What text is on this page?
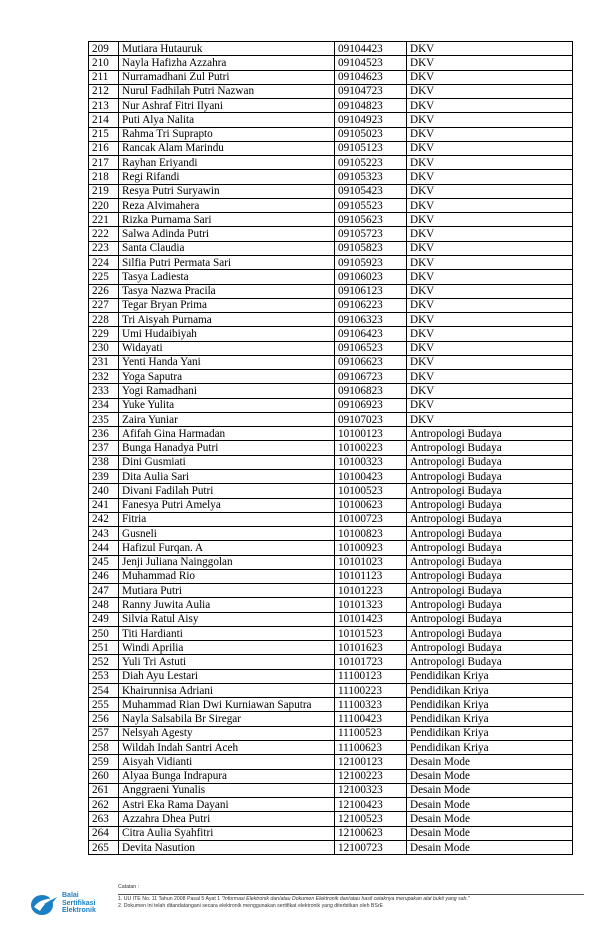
209	Mutiara Hutauruk	09104423	DKV
210	Nayla Hafizha Azzahra	09104523	DKV
211	Nurramadhani Zul Putri	09104623	DKV
212	Nurul Fadhilah Putri Nazwan	09104723	DKV
213	Nur Ashraf Fitri Ilyani	09104823	DKV
214	Puti Alya Nalita	09104923	DKV
215	Rahma Tri Suprapto	09105023	DKV
216	Rancak Alam Marindu	09105123	DKV
217	Rayhan Eriyandi	09105223	DKV
218	Regi Rifandi	09105323	DKV
219	Resya Putri Suryawin	09105423	DKV
220	Reza Alvimahera	09105523	DKV
221	Rizka Purnama Sari	09105623	DKV
222	Salwa Adinda Putri	09105723	DKV
223	Santa Claudia	09105823	DKV
224	Silfia Putri Permata Sari	09105923	DKV
225	Tasya Ladiesta	09106023	DKV
226	Tasya Nazwa Pracila	09106123	DKV
227	Tegar Bryan Prima	09106223	DKV
228	Tri Aisyah Purnama	09106323	DKV
229	Umi Hudaibiyah	09106423	DKV
230	Widayati	09106523	DKV
231	Yenti Handa Yani	09106623	DKV
232	Yoga Saputra	09106723	DKV
233	Yogi Ramadhani	09106823	DKV
234	Yuke Yulita	09106923	DKV
235	Zaira Yuniar	09107023	DKV
236	Afifah Gina Harmadan	10100123	Antropologi Budaya
237	Bunga Hanadya Putri	10100223	Antropologi Budaya
238	Dini Gusmiati	10100323	Antropologi Budaya
239	Dita Aulia Sari	10100423	Antropologi Budaya
240	Divani Fadilah Putri	10100523	Antropologi Budaya
241	Fanesya Putri Amelya	10100623	Antropologi Budaya
242	Fitria	10100723	Antropologi Budaya
243	Gusneli	10100823	Antropologi Budaya
244	Hafizul Furqan. A	10100923	Antropologi Budaya
245	Jenji Juliana Nainggolan	10101023	Antropologi Budaya
246	Muhammad Rio	10101123	Antropologi Budaya
247	Mutiara Putri	10101223	Antropologi Budaya
248	Ranny Juwita Aulia	10101323	Antropologi Budaya
249	Silvia Ratul Aisy	10101423	Antropologi Budaya
250	Titi Hardianti	10101523	Antropologi Budaya
251	Windi Aprilia	10101623	Antropologi Budaya
252	Yuli Tri Astuti	10101723	Antropologi Budaya
253	Diah Ayu Lestari	11100123	Pendidikan Kriya
254	Khairunnisa Adriani	11100223	Pendidikan Kriya
255	Muhammad Rian Dwi Kurniawan Saputra	11100323	Pendidikan Kriya
256	Nayla Salsabila Br Siregar	11100423	Pendidikan Kriya
257	Nelsyah Agesty	11100523	Pendidikan Kriya
258	Wildah Indah Santri Aceh	11100623	Pendidikan Kriya
259	Aisyah Vidianti	12100123	Desain Mode
260	Alyaa Bunga Indrapura	12100223	Desain Mode
261	Anggraeni Yunalis	12100323	Desain Mode
262	Astri Eka Rama Dayani	12100423	Desain Mode
263	Azzahra Dhea Putri	12100523	Desain Mode
264	Citra Aulia Syahfitri	12100623	Desain Mode
265	Devita Nasution	12100723	Desain Mode
Balai
Sertifikasi
Elektronik
Catatan :
1. UU ITE No. 11 Tahun 2008 Pasal 5 Ayat 1 "Informasi Elektronik dan/atau Dokumen Elektronik dan/atau hasil cetaknya merupakan alat bukti yang sah."
2. Dokumen ini telah ditandatangani secara elektronik menggunakan sertifikat elektronik yang diterbitkan oleh BSrE
